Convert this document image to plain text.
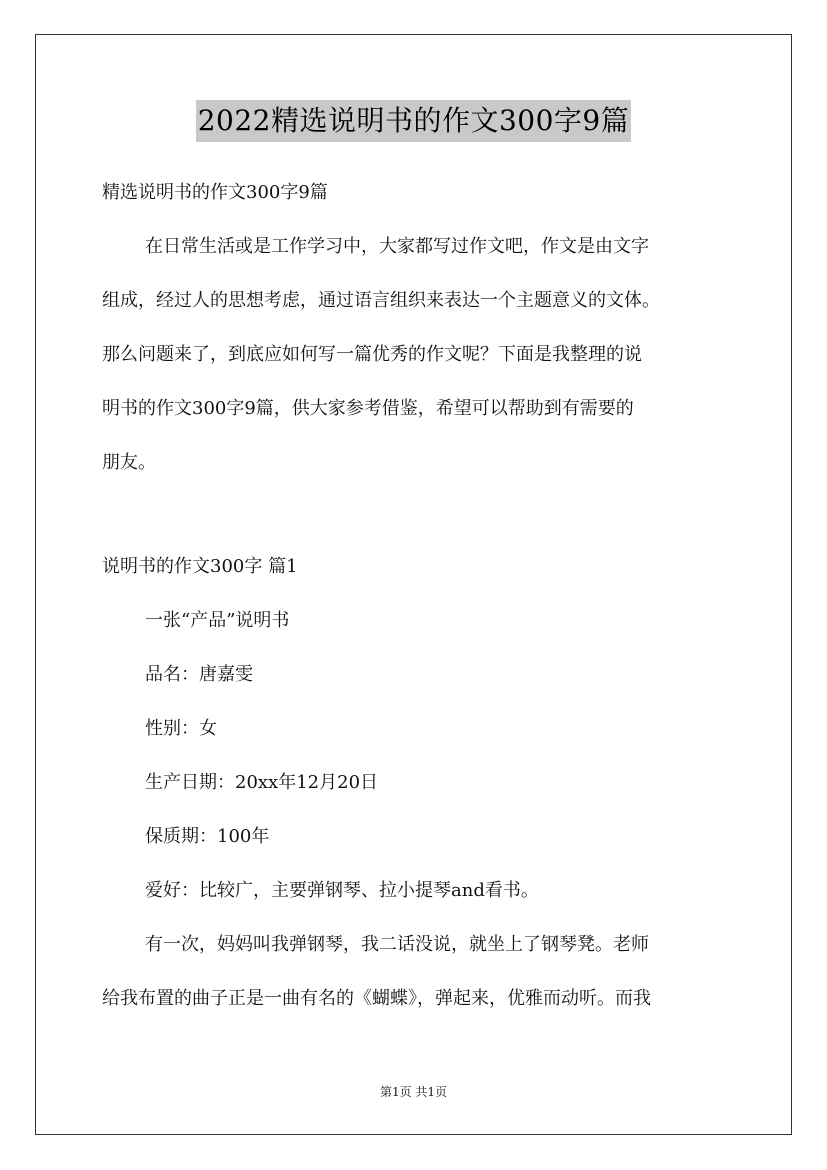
2022精选说明书的作文300字9篇
精选说明书的作文300字9篇
在日常生活或是工作学习中，大家都写过作文吧，作文是由文字
组成，经过人的思想考虑，通过语言组织来表达一个主题意义的文体。
那么问题来了，到底应如何写一篇优秀的作文呢？下面是我整理的说
明书的作文300字9篇，供大家参考借鉴，希望可以帮助到有需要的
朋友。
说明书的作文300字 篇1
一张“产品”说明书
品名：唐嘉雯
性别：女
生产日期：20xx年12月20日
保质期：100年
爱好：比较广，主要弹钢琴、拉小提琴and看书。
有一次，妈妈叫我弹钢琴，我二话没说，就坐上了钢琴凳。老师
给我布置的曲子正是一曲有名的《蝴蝶》，弹起来，优雅而动听。而我
第1页 共1页
